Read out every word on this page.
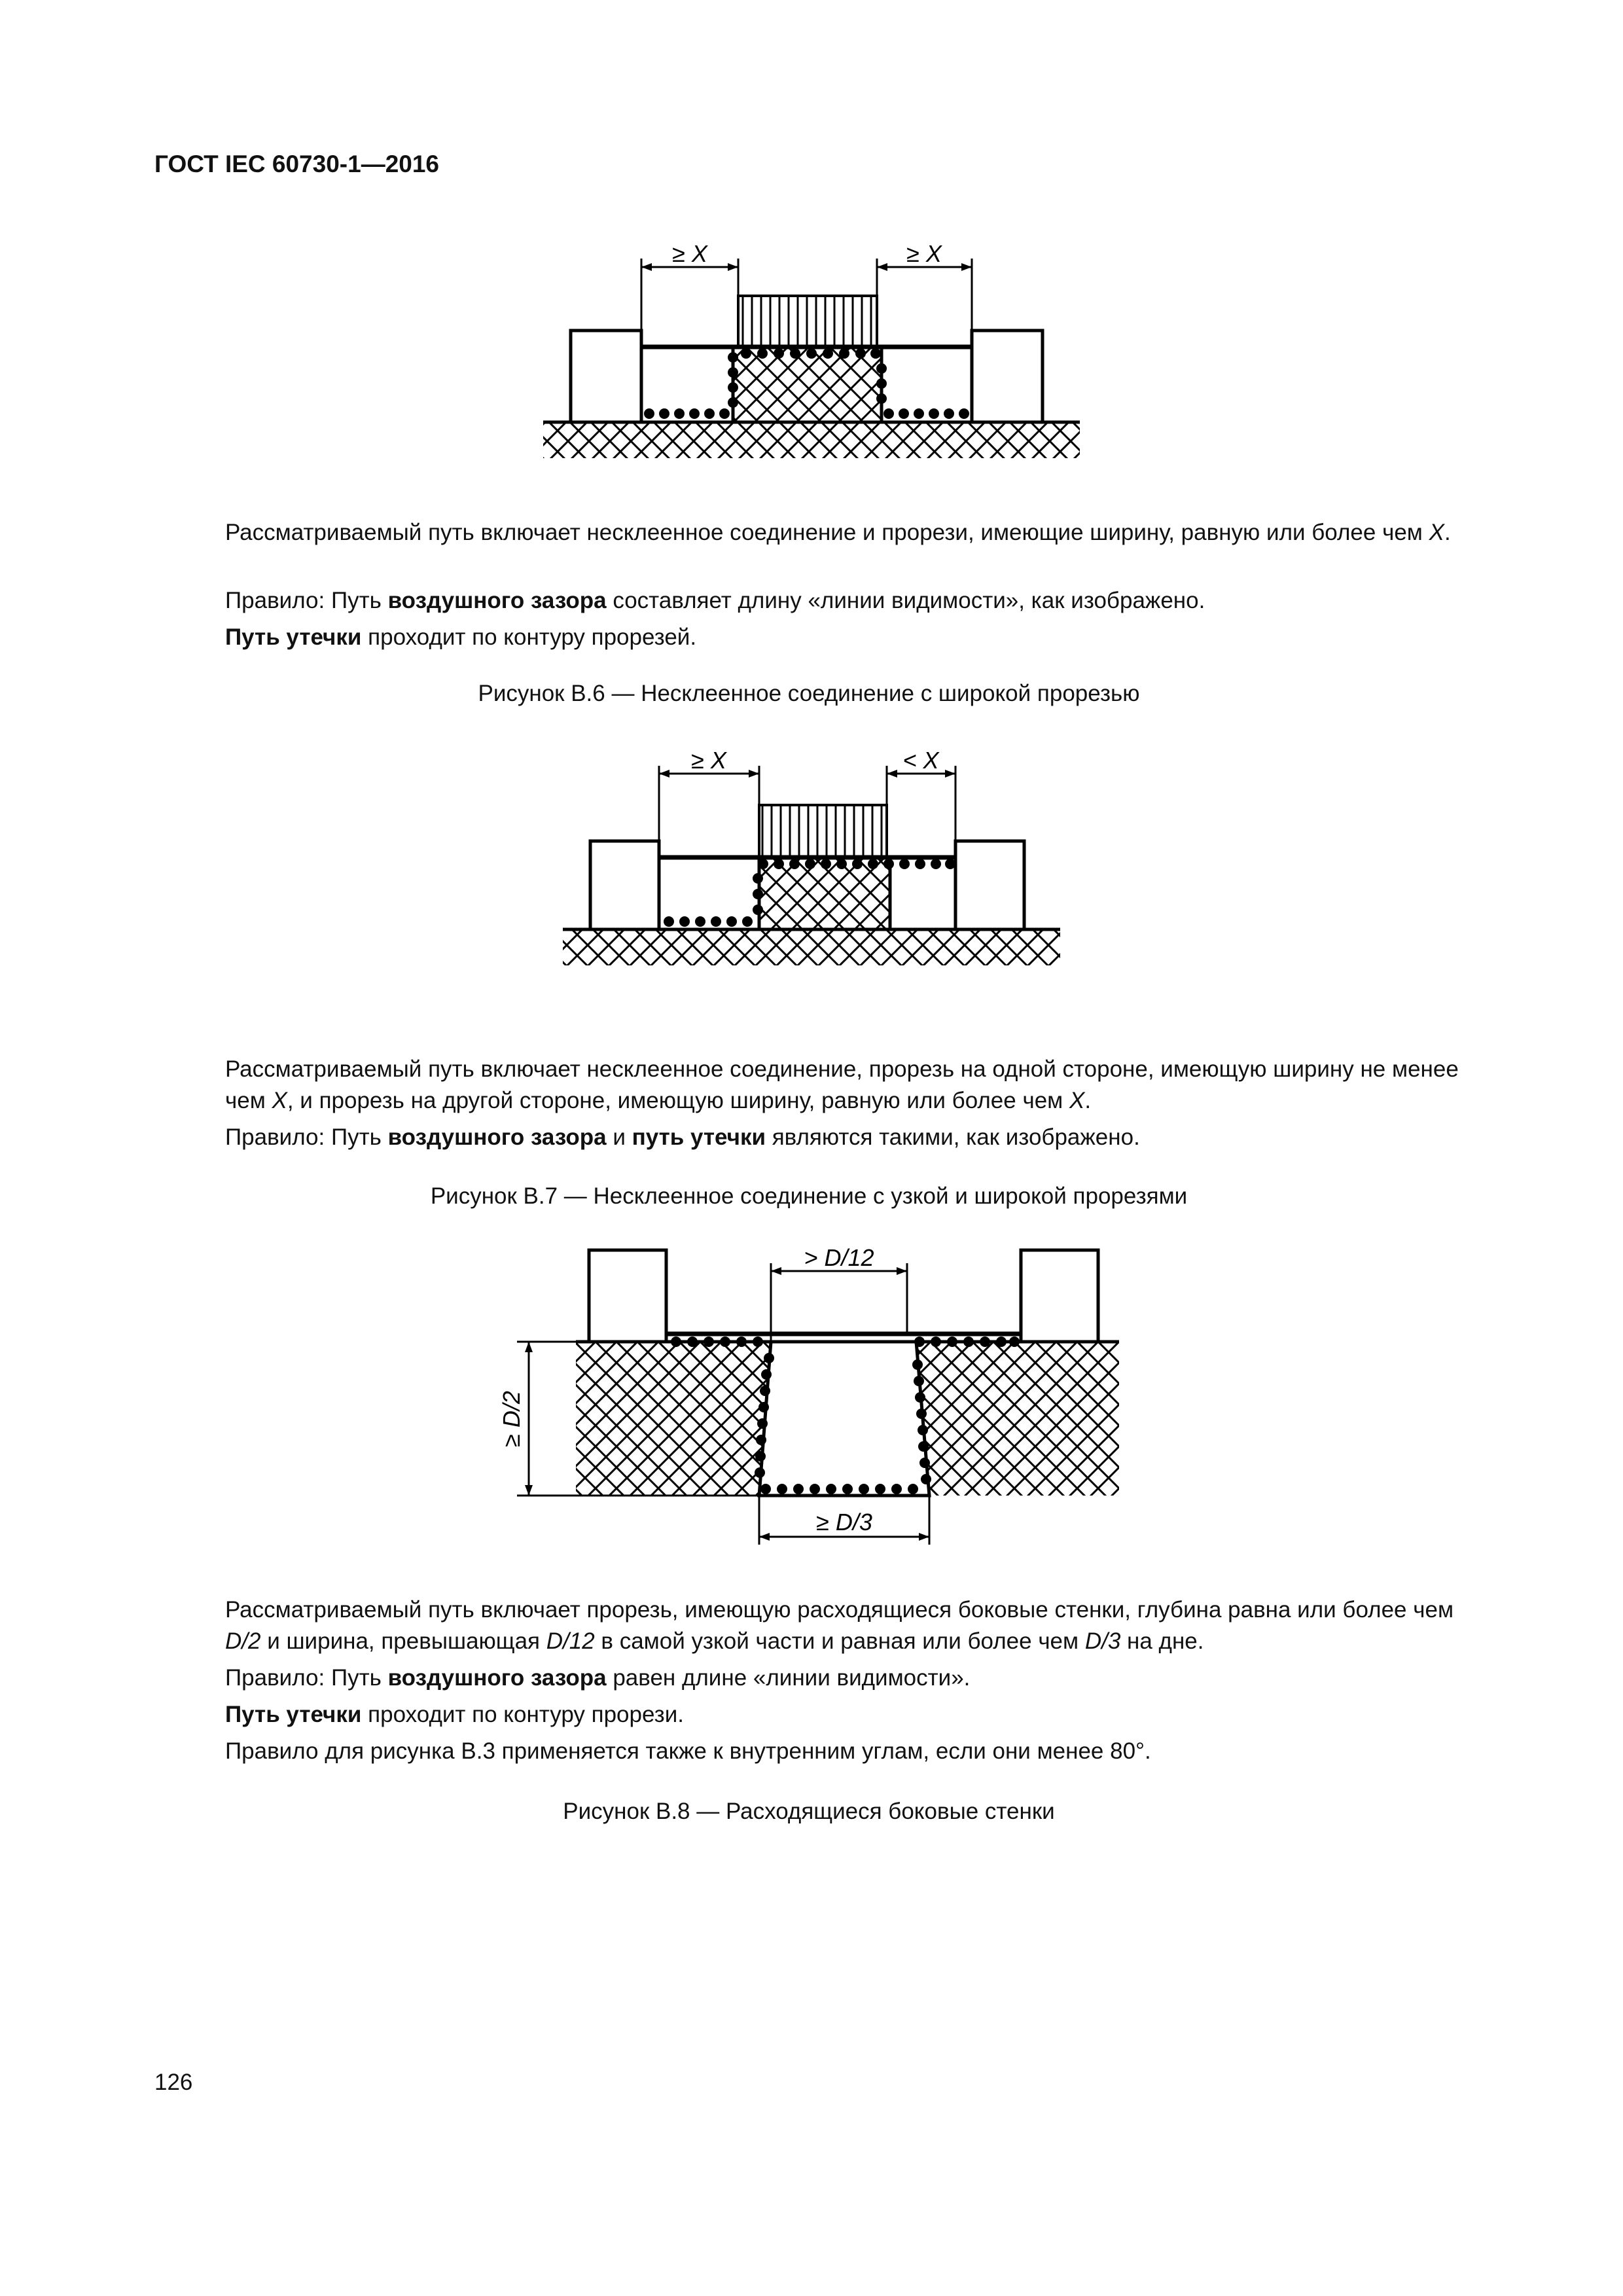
ГОСТ IEC 60730-1—2016
≥ X	≥ X

Рассматриваемый путь включает несклеенное соединение и прорези, имеющие ширину, равную или более чем X.

Правило: Путь воздушного зазора составляет длину «линии видимости», как изображено.

Путь утечки проходит по контуру прорезей.

Рисунок В.6 — Несклеенное соединение с широкой прорезью
≥ X	< X

Рассматриваемый путь включает несклеенное соединение, прорезь на одной стороне, имеющую ширину не менее чем X, и прорезь на другой стороне, имеющую ширину, равную или более чем X.

Правило: Путь воздушного зазора и путь утечки являются такими, как изображено.

Рисунок В.7 — Несклеенное соединение с узкой и широкой прорезями
> D/12
≥ D/2
≥ D/3

Рассматриваемый путь включает прорезь, имеющую расходящиеся боковые стенки, глубина равна или более чем D/2 и ширина, превышающая D/12 в самой узкой части и равная или более чем D/3 на дне.

Правило: Путь воздушного зазора равен длине «линии видимости».

Путь утечки проходит по контуру прорези.

Правило для рисунка В.3 применяется также к внутренним углам, если они менее 80°.

Рисунок В.8 — Расходящиеся боковые стенки
126
